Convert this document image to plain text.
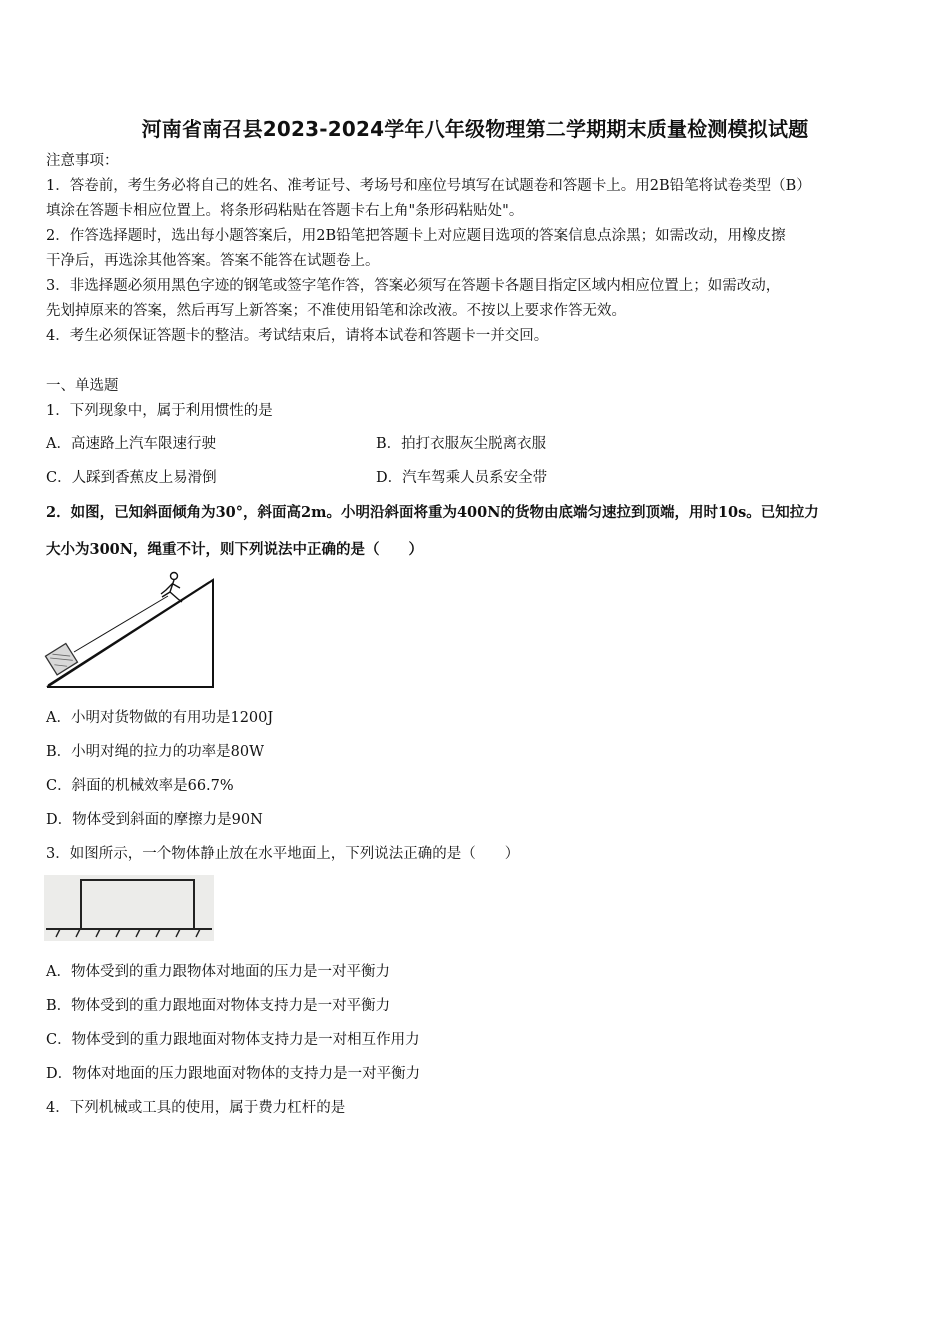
河南省南召县2023-2024学年八年级物理第二学期期末质量检测模拟试题
注意事项：
1．答卷前，考生务必将自己的姓名、准考证号、考场号和座位号填写在试题卷和答题卡上。用2B铅笔将试卷类型（B）
填涂在答题卡相应位置上。将条形码粘贴在答题卡右上角"条形码粘贴处"。
2．作答选择题时，选出每小题答案后，用2B铅笔把答题卡上对应题目选项的答案信息点涂黑；如需改动，用橡皮擦
干净后，再选涂其他答案。答案不能答在试题卷上。
3．非选择题必须用黑色字迹的钢笔或签字笔作答，答案必须写在答题卡各题目指定区域内相应位置上；如需改动，
先划掉原来的答案，然后再写上新答案；不准使用铅笔和涂改液。不按以上要求作答无效。
4．考生必须保证答题卡的整洁。考试结束后，请将本试卷和答题卡一并交回。
一、单选题
1．下列现象中，属于利用惯性的是
A．高速路上汽车限速行驶	B．拍打衣服灰尘脱离衣服
C．人踩到香蕉皮上易滑倒	D．汽车驾乘人员系安全带
2．如图，已知斜面倾角为30°，斜面高2m。小明沿斜面将重为400N的货物由底端匀速拉到顶端，用时10s。已知拉力
大小为300N，绳重不计，则下列说法中正确的是（　　）
A．小明对货物做的有用功是1200J
B．小明对绳的拉力的功率是80W
C．斜面的机械效率是66.7%
D．物体受到斜面的摩擦力是90N
3．如图所示，一个物体静止放在水平地面上，下列说法正确的是（　　）
A．物体受到的重力跟物体对地面的压力是一对平衡力
B．物体受到的重力跟地面对物体支持力是一对平衡力
C．物体受到的重力跟地面对物体支持力是一对相互作用力
D．物体对地面的压力跟地面对物体的支持力是一对平衡力
4．下列机械或工具的使用，属于费力杠杆的是
